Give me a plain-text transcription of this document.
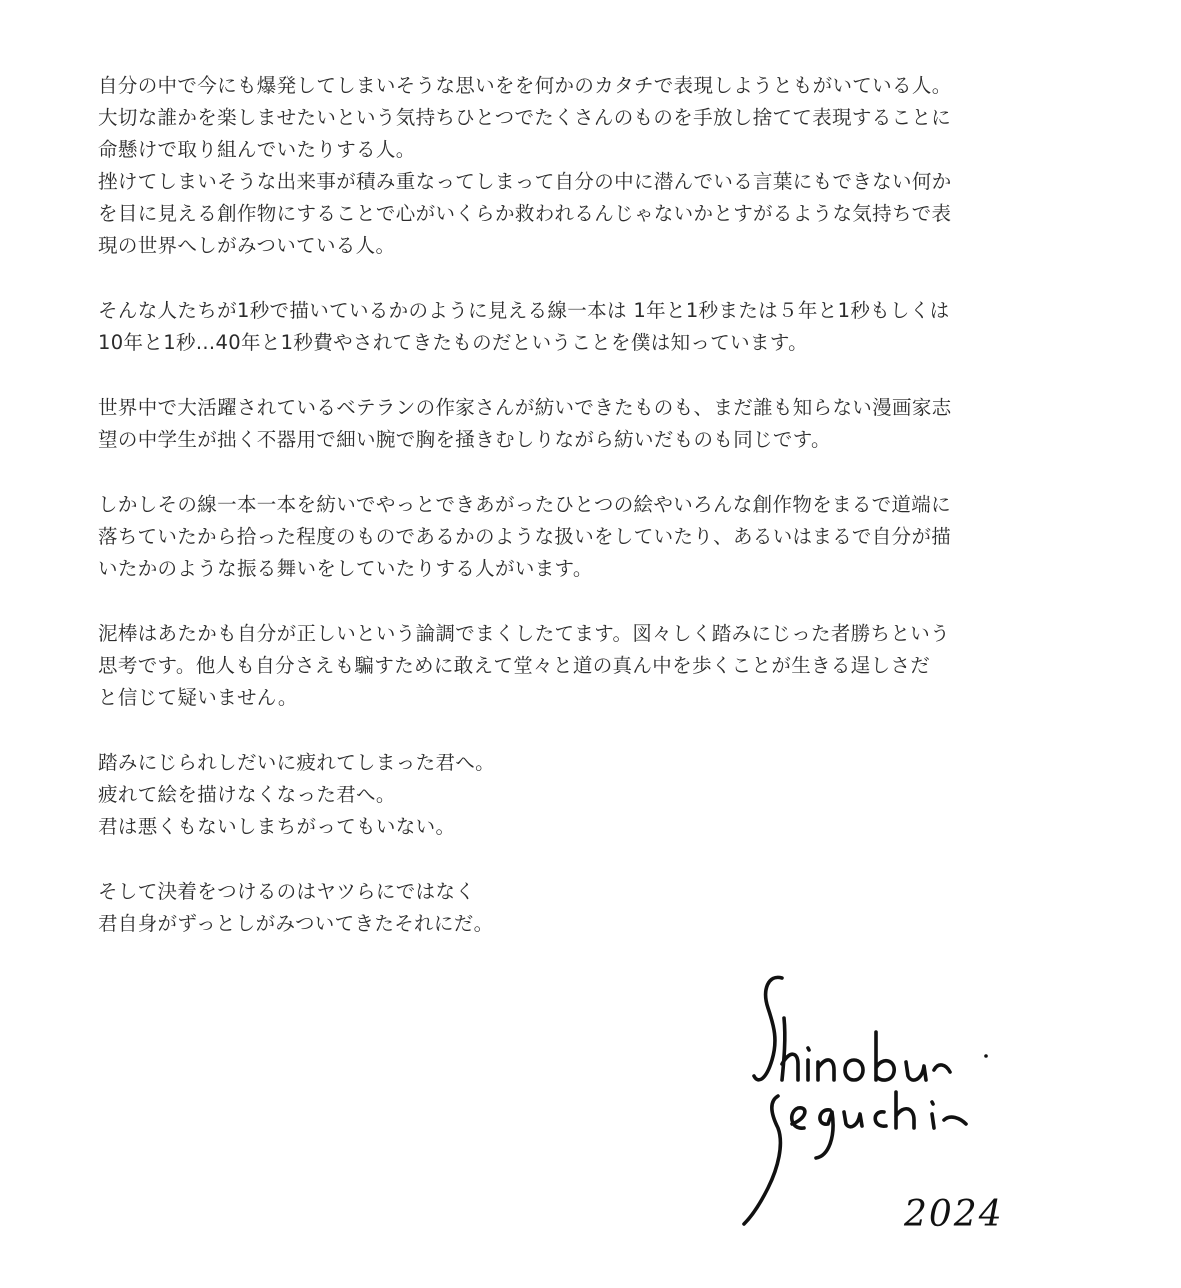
自分の中で今にも爆発してしまいそうな思いをを何かのカタチで表現しようともがいている人。
大切な誰かを楽しませたいという気持ちひとつでたくさんのものを手放し捨てて表現することに
命懸けで取り組んでいたりする人。
挫けてしまいそうな出来事が積み重なってしまって自分の中に潜んでいる言葉にもできない何か
を目に見える創作物にすることで心がいくらか救われるんじゃないかとすがるような気持ちで表
現の世界へしがみついている人。

そんな人たちが1秒で描いているかのように見える線一本は 1年と1秒または５年と1秒もしくは
10年と1秒...40年と1秒費やされてきたものだということを僕は知っています。

世界中で大活躍されているベテランの作家さんが紡いできたものも、まだ誰も知らない漫画家志
望の中学生が拙く不器用で細い腕で胸を掻きむしりながら紡いだものも同じです。

しかしその線一本一本を紡いでやっとできあがったひとつの絵やいろんな創作物をまるで道端に
落ちていたから拾った程度のものであるかのような扱いをしていたり、あるいはまるで自分が描
いたかのような振る舞いをしていたりする人がいます。

泥棒はあたかも自分が正しいという論調でまくしたてます。図々しく踏みにじった者勝ちという
思考です。他人も自分さえも騙すために敢えて堂々と道の真ん中を歩くことが生きる逞しさだ
と信じて疑いません。

踏みにじられしだいに疲れてしまった君へ。
疲れて絵を描けなくなった君へ。
君は悪くもないしまちがってもいない。

そして決着をつけるのはヤツらにではなく
君自身がずっとしがみついてきたそれにだ。

2024
